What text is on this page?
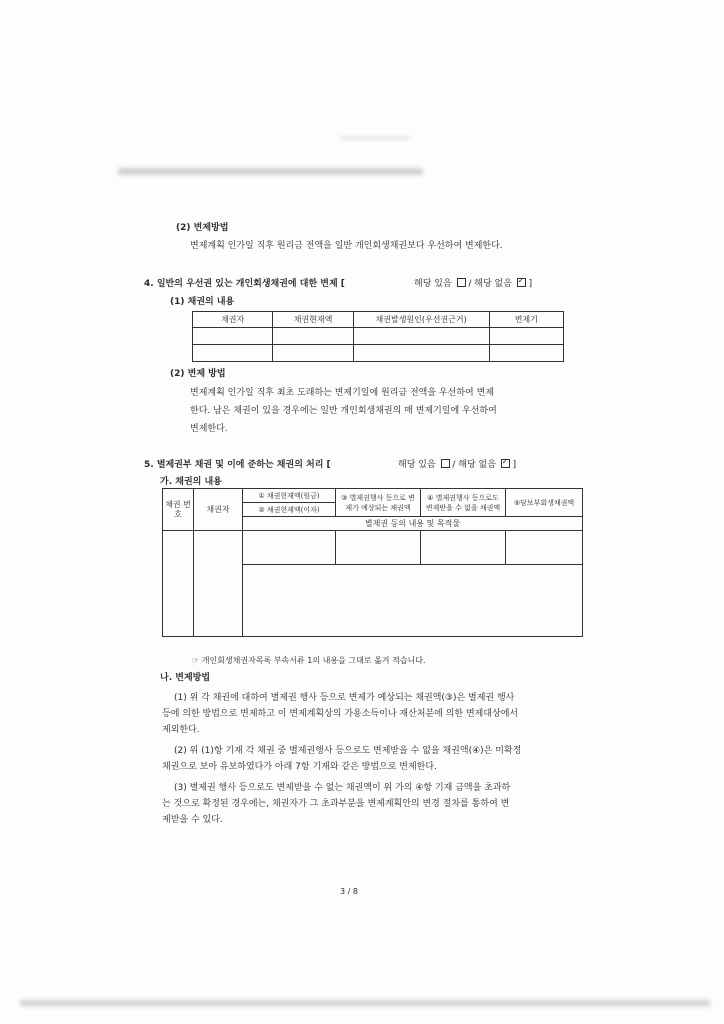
(2) 변제방법
변제계획 인가일 직후 원리금 전액을 일반 개인회생채권보다 우선하여 변제한다.
4. 일반의 우선권 있는 개인회생채권에 대한 변제 [	해당 있음 / 해당 없음 ✓ ]
(1) 채권의 내용
채권자	채권현재액	채권발생원인(우선권근거)	변제기

(2) 변제 방법
변제계획 인가일 직후 최초 도래하는 변제기일에 원리금 전액을 우선하여 변제
한다. 남은 채권이 있을 경우에는 일반 개인회생채권의 매 변제기일에 우선하여
변제한다.
5. 별제권부 채권 및 이에 준하는 채권의 처리 [	해당 있음 / 해당 없음 ✓ ]
가. 채권의 내용
채권 번호	채권자	① 채권현재액(원금)	③ 별제권행사 등으로 변제가 예상되는 채권액	④ 별제권행사 등으로도 변제받을 수 없을 채권액	⑤담보부회생채권액
		② 채권현재액(이자)			
		별제권 등의 내용 및 목적물			

☞ 개인회생채권자목록 부속서류 1의 내용을 그대로 옮겨 적습니다.
나. 변제방법
(1) 위 각 채권에 대하여 별제권 행사 등으로 변제가 예상되는 채권액(③)은 별제권 행사
등에 의한 방법으로 변제하고 이 변제계획상의 가용소득이나 재산처분에 의한 변제대상에서
제외한다.
(2) 위 (1)항 기재 각 채권 중 별제권행사 등으로도 변제받을 수 없을 채권액(④)은 미확정
채권으로 보아 유보하였다가 아래 7항 기재와 같은 방법으로 변제한다.
(3) 별제권 행사 등으로도 변제받을 수 없는 채권액이 위 가의 ④항 기재 금액을 초과하
는 것으로 확정된 경우에는, 채권자가 그 초과부분을 변제계획안의 변경 절차를 통하여 변
제받을 수 있다.
3 / 8
